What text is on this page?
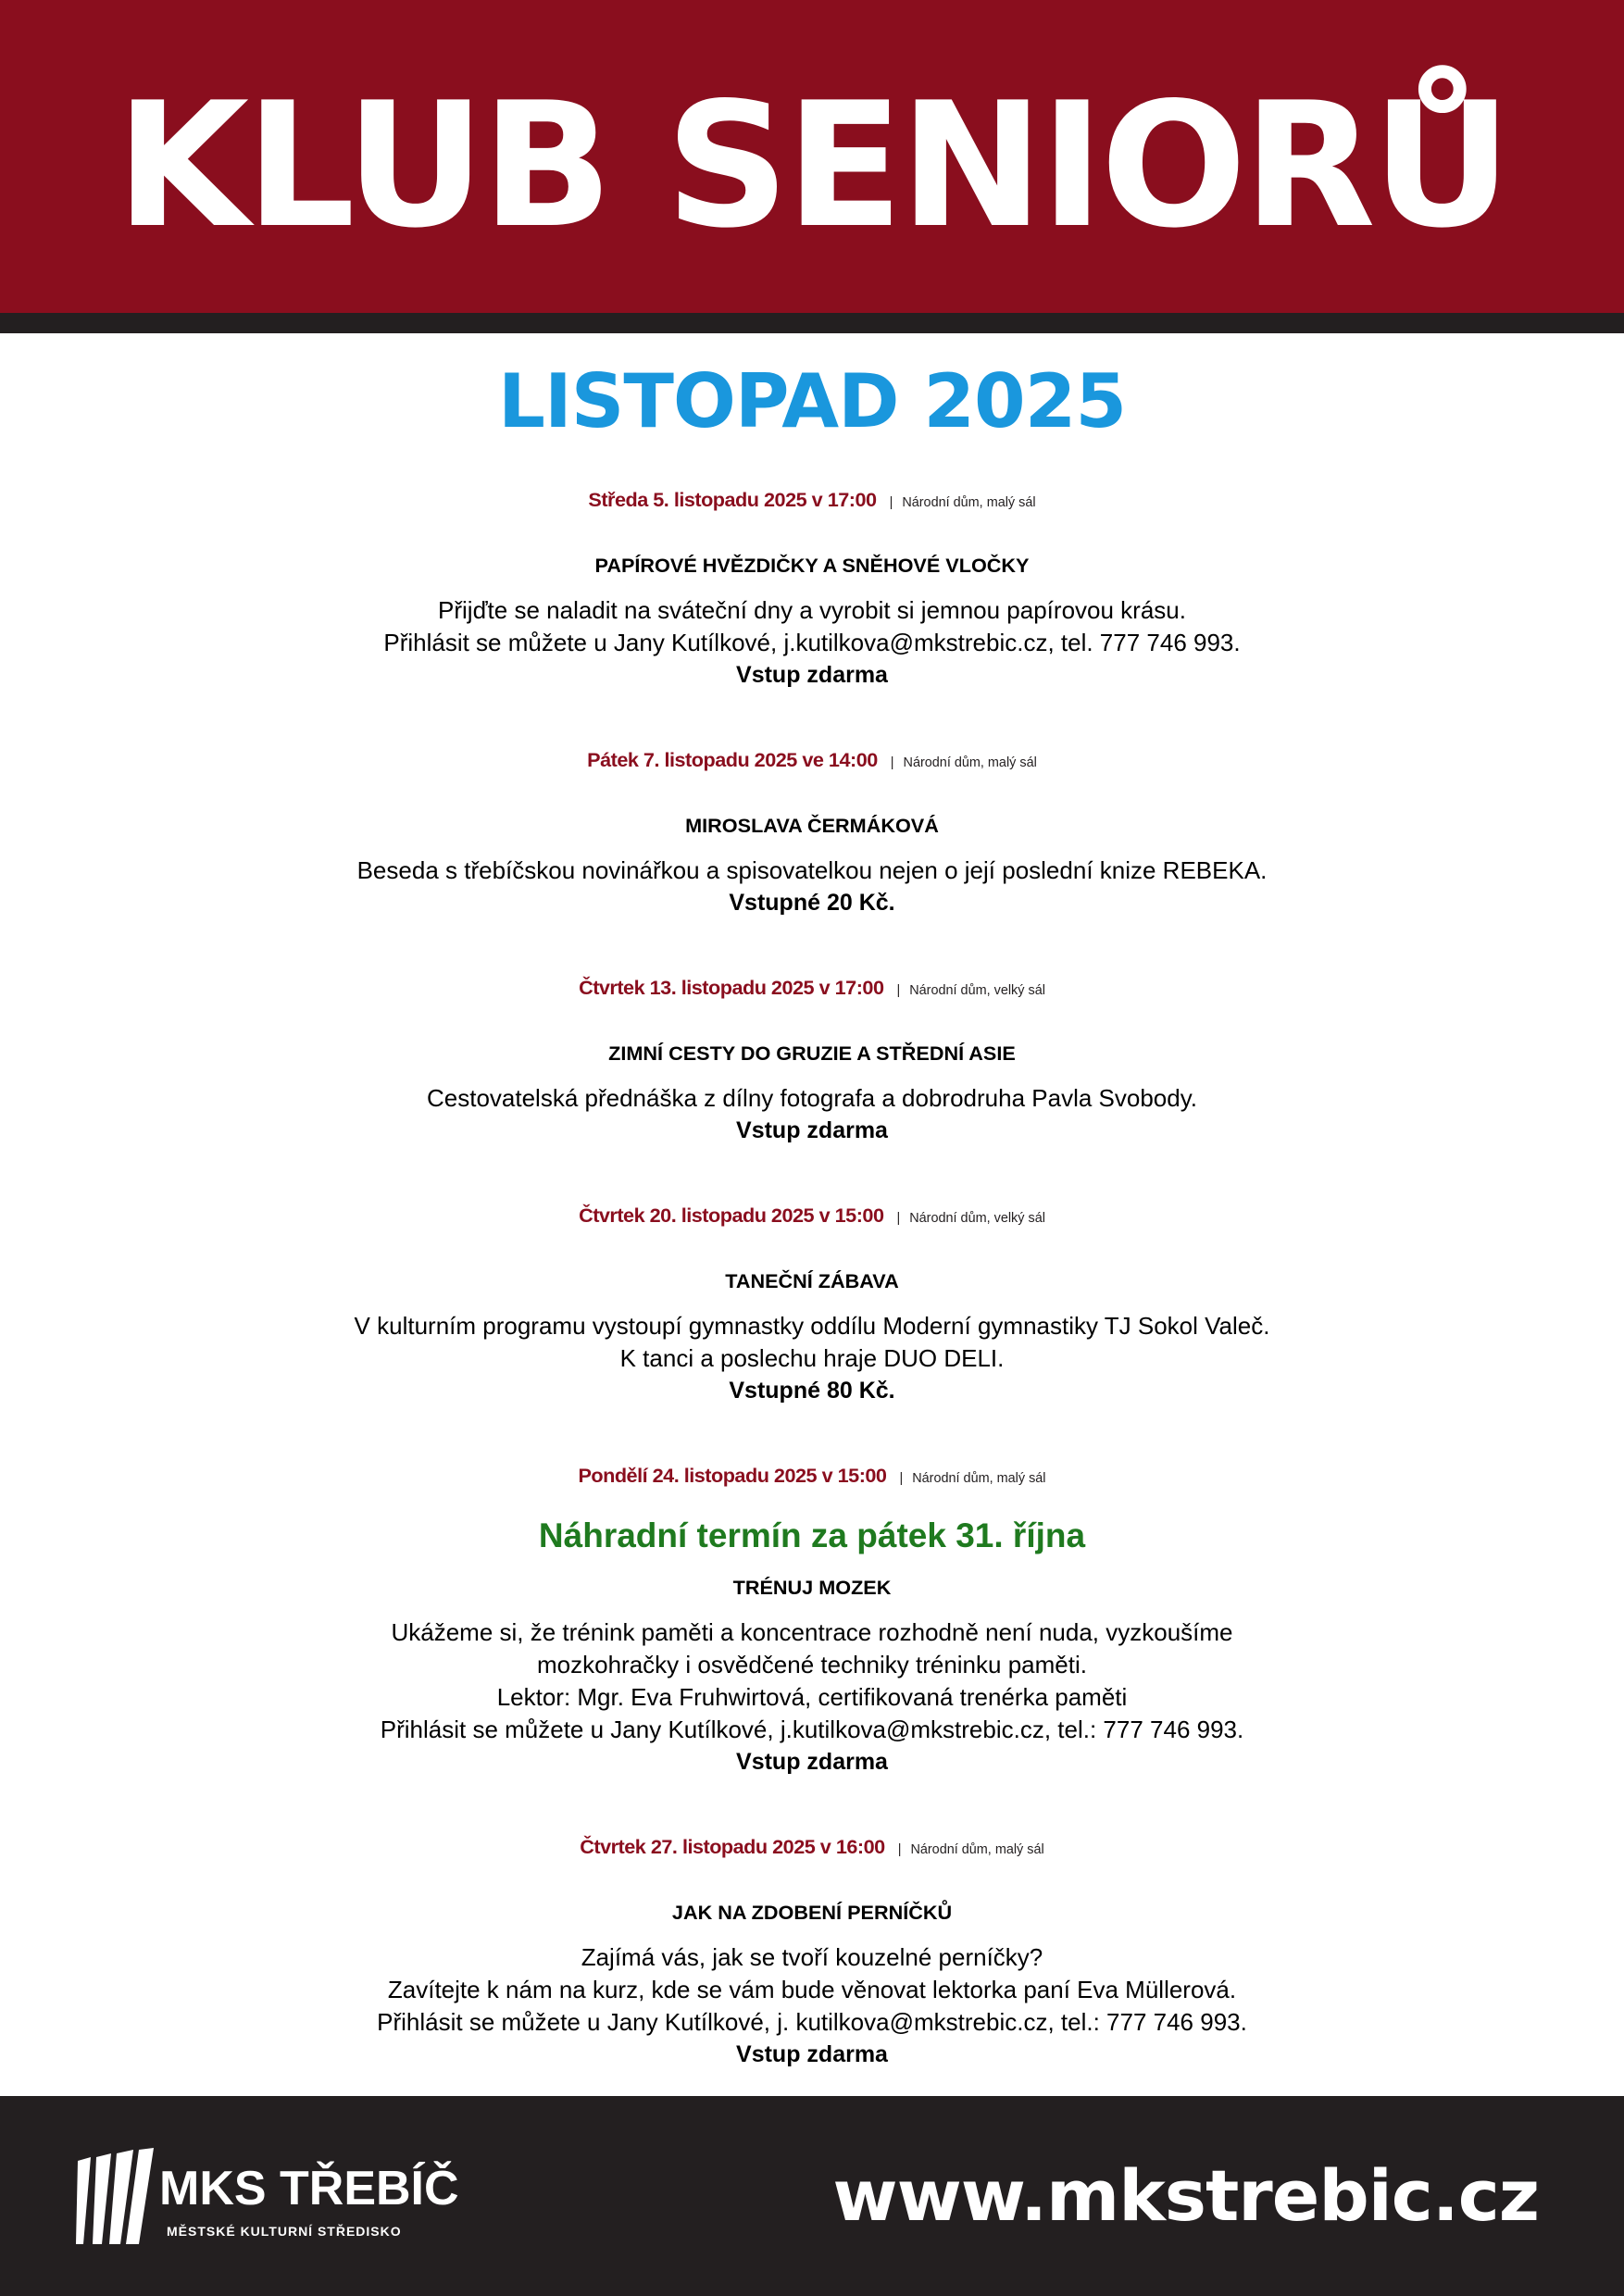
KLUB SENIORŮ
LISTOPAD 2025
Středa 5. listopadu 2025 v 17:00 | Národní dům, malý sál
PAPÍROVÉ HVĚZDIČKY A SNĚHOVÉ VLOČKY
Přijďte se naladit na sváteční dny a vyrobit si jemnou papírovou krásu.
Přihlásit se můžete u Jany Kutílkové, j.kutilkova@mkstrebic.cz, tel. 777 746 993.
Vstup zdarma
Pátek 7. listopadu 2025 ve 14:00 | Národní dům, malý sál
MIROSLAVA ČERMÁKOVÁ
Beseda s třebíčskou novinářkou a spisovatelkou nejen o její poslední knize REBEKA.
Vstupné 20 Kč.
Čtvrtek 13. listopadu 2025 v 17:00 | Národní dům, velký sál
ZIMNÍ CESTY DO GRUZIE A STŘEDNÍ ASIE
Cestovatelská přednáška z dílny fotografa a dobrodruha Pavla Svobody.
Vstup zdarma
Čtvrtek 20. listopadu 2025 v 15:00 | Národní dům, velký sál
TANEČNÍ ZÁBAVA
V kulturním programu vystoupí gymnastky oddílu Moderní gymnastiky TJ Sokol Valeč.
K tanci a poslechu hraje DUO DELI.
Vstupné 80 Kč.
Pondělí 24. listopadu 2025 v 15:00 | Národní dům, malý sál
Náhradní termín za pátek 31. října
TRÉNUJ MOZEK
Ukážeme si, že trénink paměti a koncentrace rozhodně není nuda, vyzkoušíme
mozkohračky i osvědčené techniky tréninku paměti.
Lektor: Mgr. Eva Fruhwirtová, certifikovaná trenérka paměti
Přihlásit se můžete u Jany Kutílkové, j.kutilkova@mkstrebic.cz, tel.: 777 746 993.
Vstup zdarma
Čtvrtek 27. listopadu 2025 v 16:00 | Národní dům, malý sál
JAK NA ZDOBENÍ PERNÍČKŮ
Zajímá vás, jak se tvoří kouzelné perníčky?
Zavítejte k nám na kurz, kde se vám bude věnovat lektorka paní Eva Müllerová.
Přihlásit se můžete u Jany Kutílkové, j. kutilkova@mkstrebic.cz, tel.: 777 746 993.
Vstup zdarma
MKS TŘEBÍČ
MĚSTSKÉ KULTURNÍ STŘEDISKO	www.mkstrebic.cz
